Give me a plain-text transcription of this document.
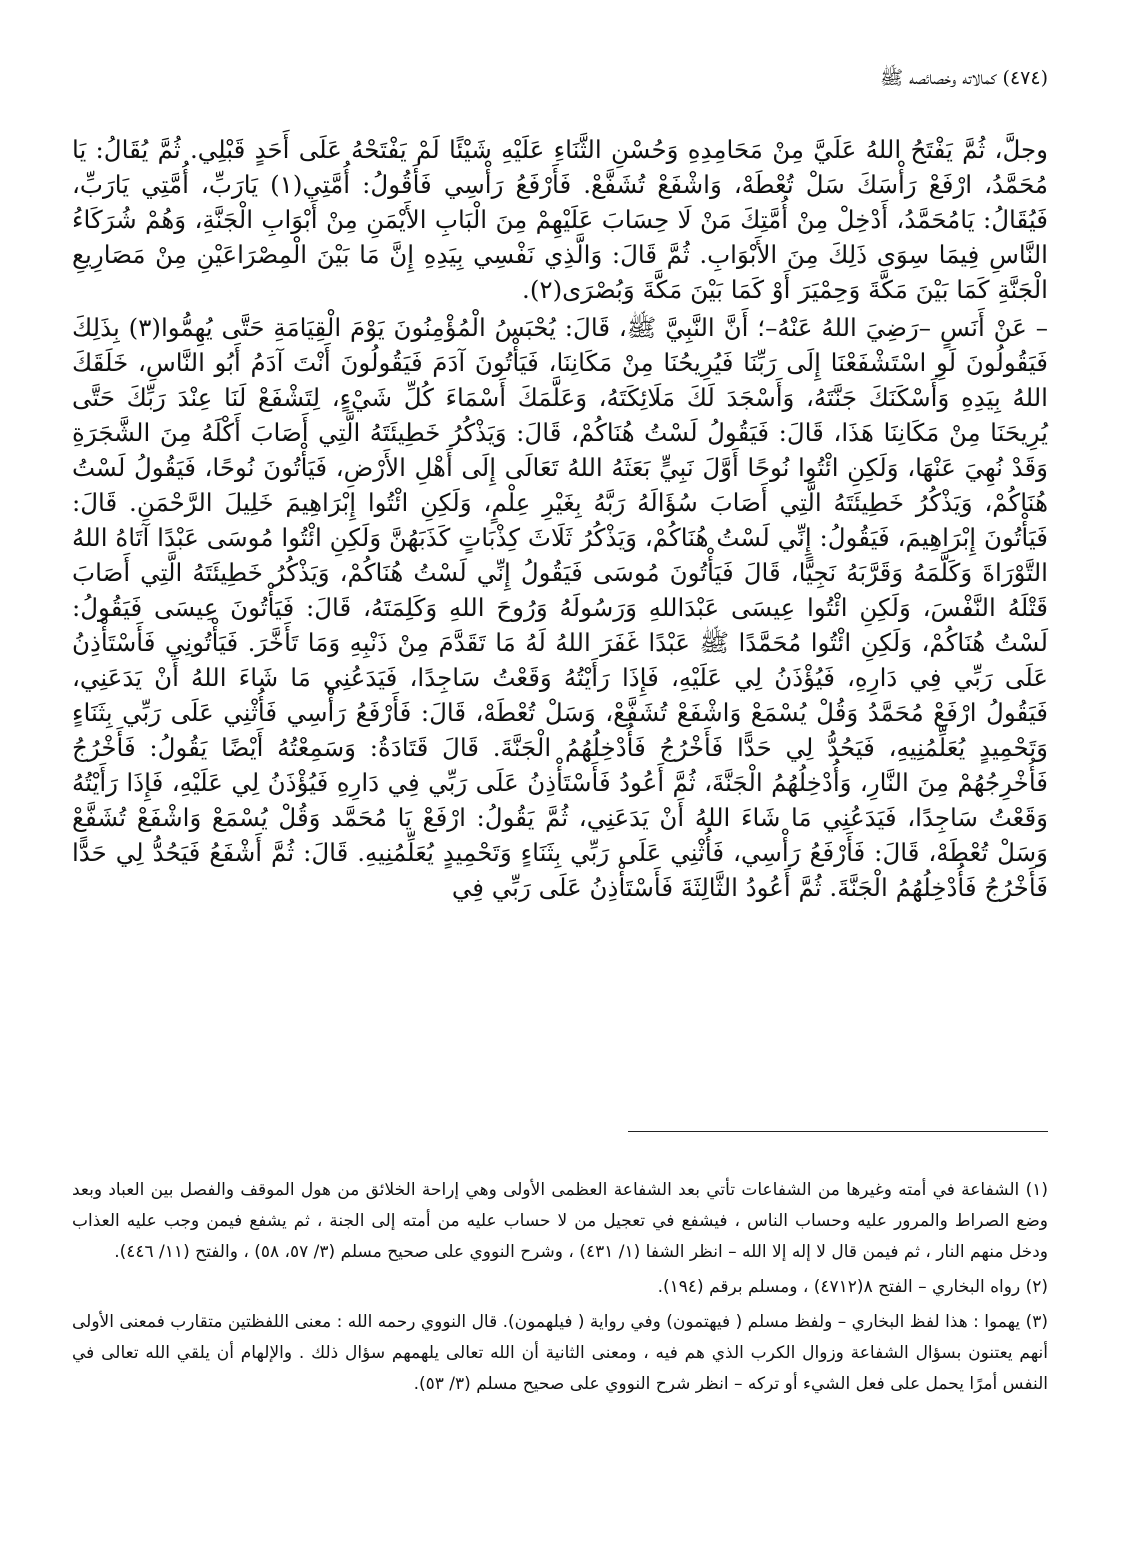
(٤٧٤) كمالاته وخصائصه ﷺ

وجلَّ، ثُمَّ يَفْتَحُ اللهُ عَلَيَّ مِنْ مَحَامِدِهِ وَحُسْنِ الثَّنَاءِ عَلَيْهِ شَيْئًا لَمْ يَفْتَحْهُ عَلَى أَحَدٍ قَبْلِي. ثُمَّ يُقَالُ: يَا مُحَمَّدُ، ارْفَعْ رَأْسَكَ سَلْ تُعْطَهْ، وَاشْفَعْ تُشَفَّعْ. فَأَرْفَعُ رَأْسِي فَأَقُولُ: أُمَّتِي(١) يَارَبِّ، أُمَّتِي يَارَبِّ، فَيُقَالُ: يَامُحَمَّدُ، أَدْخِلْ مِنْ أُمَّتِكَ مَنْ لَا حِسَابَ عَلَيْهِمْ مِنَ الْبَابِ الأَيْمَنِ مِنْ أَبْوَابِ الْجَنَّةِ، وَهُمْ شُرَكَاءُ النَّاسِ فِيمَا سِوَى ذَلِكَ مِنَ الأَبْوَابِ. ثُمَّ قَالَ: وَالَّذِي نَفْسِي بِيَدِهِ إِنَّ مَا بَيْنَ الْمِصْرَاعَيْنِ مِنْ مَصَارِيعِ الْجَنَّةِ كَمَا بَيْنَ مَكَّةَ وَحِمْيَرَ أَوْ كَمَا بَيْنَ مَكَّةَ وَبُصْرَى(٢).

– عَنْ أَنَسٍ –رَضِيَ اللهُ عَنْهُ–؛ أَنَّ النَّبِيَّ ﷺ، قَالَ: يُحْبَسُ الْمُؤْمِنُونَ يَوْمَ الْقِيَامَةِ حَتَّى يُهِمُّوا(٣) بِذَلِكَ فَيَقُولُونَ لَوِ اسْتَشْفَعْنَا إِلَى رَبِّنَا فَيُرِيحُنَا مِنْ مَكَانِنَا، فَيَأْتُونَ آدَمَ فَيَقُولُونَ أَنْتَ آدَمُ أَبُو النَّاسِ، خَلَقَكَ اللهُ بِيَدِهِ وَأَسْكَنَكَ جَنَّتَهُ، وَأَسْجَدَ لَكَ مَلَائِكَتَهُ، وَعَلَّمَكَ أَسْمَاءَ كُلِّ شَيْءٍ، لِتَشْفَعْ لَنَا عِنْدَ رَبِّكَ حَتَّى يُرِيحَنَا مِنْ مَكَانِنَا هَذَا، قَالَ: فَيَقُولُ لَسْتُ هُنَاكُمْ، قَالَ: وَيَذْكُرُ خَطِيئَتَهُ الَّتِي أَصَابَ أَكْلَهُ مِنَ الشَّجَرَةِ وَقَدْ نُهِيَ عَنْهَا، وَلَكِنِ ائْتُوا نُوحًا أَوَّلَ نَبِيٍّ بَعَثَهُ اللهُ تَعَالَى إِلَى أَهْلِ الأَرْضِ، فَيَأْتُونَ نُوحًا، فَيَقُولُ لَسْتُ هُنَاكُمْ، وَيَذْكُرُ خَطِيئَتَهُ الَّتِي أَصَابَ سُؤَالَهُ رَبَّهُ بِغَيْرِ عِلْمٍ، وَلَكِنِ ائْتُوا إِبْرَاهِيمَ خَلِيلَ الرَّحْمَنِ. قَالَ: فَيَأْتُونَ إِبْرَاهِيمَ، فَيَقُولُ: إِنِّي لَسْتُ هُنَاكُمْ، وَيَذْكُرُ ثَلَاثَ كِذْبَاتٍ كَذَبَهُنَّ وَلَكِنِ ائْتُوا مُوسَى عَبْدًا آتَاهُ اللهُ التَّوْرَاةَ وَكَلَّمَهُ وَقَرَّبَهُ نَجِيًّا، قَالَ فَيَأْتُونَ مُوسَى فَيَقُولُ إِنِّي لَسْتُ هُنَاكُمْ، وَيَذْكُرُ خَطِيئَتَهُ الَّتِي أَصَابَ قَتْلَهُ النَّفْسَ، وَلَكِنِ ائْتُوا عِيسَى عَبْدَاللهِ وَرَسُولَهُ وَرُوحَ اللهِ وَكَلِمَتَهُ، قَالَ: فَيَأْتُونَ عِيسَى فَيَقُولُ: لَسْتُ هُنَاكُمْ، وَلَكِنِ ائْتُوا مُحَمَّدًا ﷺ عَبْدًا غَفَرَ اللهُ لَهُ مَا تَقَدَّمَ مِنْ ذَنْبِهِ وَمَا تَأَخَّرَ. فَيَأْتُونِي فَأَسْتَأْذِنُ عَلَى رَبِّي فِي دَارِهِ، فَيُؤْذَنُ لِي عَلَيْهِ، فَإِذَا رَأَيْتُهُ وَقَعْتُ سَاجِدًا، فَيَدَعُنِي مَا شَاءَ اللهُ أَنْ يَدَعَنِي، فَيَقُولُ ارْفَعْ مُحَمَّدُ وَقُلْ يُسْمَعْ وَاشْفَعْ تُشَفَّعْ، وَسَلْ تُعْطَهْ، قَالَ: فَأَرْفَعُ رَأْسِي فَأُثْنِي عَلَى رَبِّي بِثَنَاءٍ وَتَحْمِيدٍ يُعَلِّمُنِيهِ، فَيَحُدُّ لِي حَدًّا فَأَخْرُجُ فَأُدْخِلُهُمُ الْجَنَّةَ. قَالَ قَتَادَةُ: وَسَمِعْتُهُ أَيْضًا يَقُولُ: فَأَخْرُجُ فَأُخْرِجُهُمْ مِنَ النَّارِ، وَأُدْخِلُهُمُ الْجَنَّةَ، ثُمَّ أَعُودُ فَأَسْتَأْذِنُ عَلَى رَبِّي فِي دَارِهِ فَيُؤْذَنُ لِي عَلَيْهِ، فَإِذَا رَأَيْتُهُ وَقَعْتُ سَاجِدًا، فَيَدَعُنِي مَا شَاءَ اللهُ أَنْ يَدَعَنِي، ثُمَّ يَقُولُ: ارْفَعْ يَا مُحَمَّد وَقُلْ يُسْمَعْ وَاشْفَعْ تُشَفَّعْ وَسَلْ تُعْطَهْ، قَالَ: فَأَرْفَعُ رَأْسِي، فَأُثْنِي عَلَى رَبِّي بِثَنَاءٍ وَتَحْمِيدٍ يُعَلِّمُنِيهِ. قَالَ: ثُمَّ أَشْفَعُ فَيَحُدُّ لِي حَدًّا فَأَخْرُجُ فَأُدْخِلُهُمُ الْجَنَّةَ. ثُمَّ أَعُودُ الثَّالِثَةَ فَأَسْتَأْذِنُ عَلَى رَبِّي فِي

(١) الشفاعة في أمته وغيرها من الشفاعات تأتي بعد الشفاعة العظمى الأولى وهي إراحة الخلائق من هول الموقف والفصل بين العباد وبعد وضع الصراط والمرور عليه وحساب الناس ، فيشفع في تعجيل من لا حساب عليه من أمته إلى الجنة ، ثم يشفع فيمن وجب عليه العذاب ودخل منهم النار ، ثم فيمن قال لا إله إلا الله – انظر الشفا (١/ ٤٣١) ، وشرح النووي على صحيح مسلم (٣/ ٥٧، ٥٨) ، والفتح (١١/ ٤٤٦).

(٢) رواه البخاري – الفتح ٨(٤٧١٢) ، ومسلم برقم (١٩٤).

(٣) يهموا : هذا لفظ البخاري – ولفظ مسلم ( فيهتمون) وفي رواية ( فيلهمون). قال النووي رحمه الله : معنى اللفظتين متقارب فمعنى الأولى أنهم يعتنون بسؤال الشفاعة وزوال الكرب الذي هم فيه ، ومعنى الثانية أن الله تعالى يلهمهم سؤال ذلك . والإلهام أن يلقي الله تعالى في النفس أمرًا يحمل على فعل الشيء أو تركه – انظر شرح النووي على صحيح مسلم (٣/ ٥٣).
